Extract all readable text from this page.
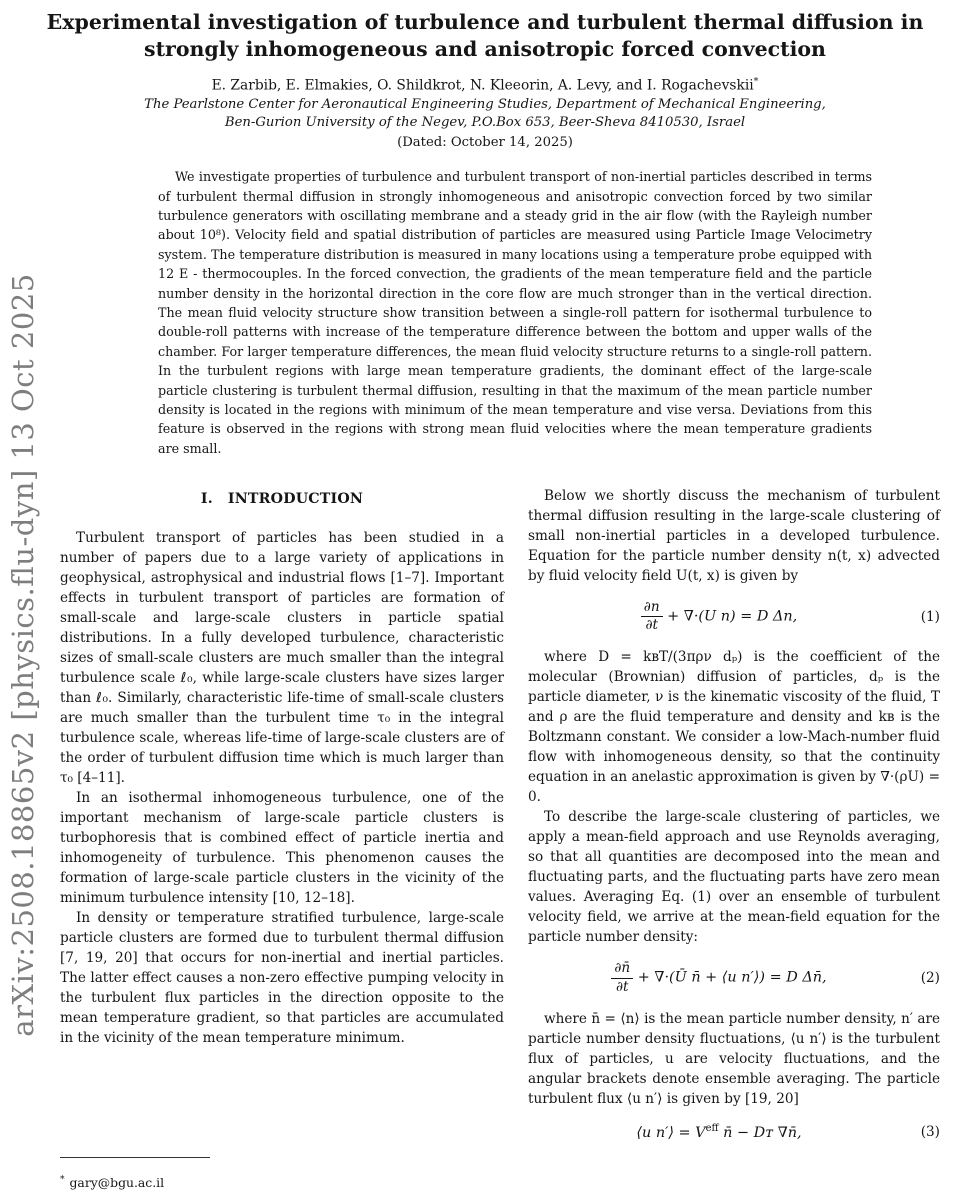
arXiv:2508.18865v2 [physics.flu-dyn] 13 Oct 2025
Experimental investigation of turbulence and turbulent thermal diffusion in strongly inhomogeneous and anisotropic forced convection
E. Zarbib, E. Elmakies, O. Shildkrot, N. Kleeorin, A. Levy, and I. Rogachevskii*
The Pearlstone Center for Aeronautical Engineering Studies, Department of Mechanical Engineering,
Ben-Gurion University of the Negev, P.O.Box 653, Beer-Sheva 8410530, Israel
(Dated: October 14, 2025)
We investigate properties of turbulence and turbulent transport of non-inertial particles described in terms of turbulent thermal diffusion in strongly inhomogeneous and anisotropic convection forced by two similar turbulence generators with oscillating membrane and a steady grid in the air flow (with the Rayleigh number about 10⁸). Velocity field and spatial distribution of particles are measured using Particle Image Velocimetry system. The temperature distribution is measured in many locations using a temperature probe equipped with 12 E - thermocouples. In the forced convection, the gradients of the mean temperature field and the particle number density in the horizontal direction in the core flow are much stronger than in the vertical direction. The mean fluid velocity structure show transition between a single-roll pattern for isothermal turbulence to double-roll patterns with increase of the temperature difference between the bottom and upper walls of the chamber. For larger temperature differences, the mean fluid velocity structure returns to a single-roll pattern. In the turbulent regions with large mean temperature gradients, the dominant effect of the large-scale particle clustering is turbulent thermal diffusion, resulting in that the maximum of the mean particle number density is located in the regions with minimum of the mean temperature and vise versa. Deviations from this feature is observed in the regions with strong mean fluid velocities where the mean temperature gradients are small.
I. INTRODUCTION

Turbulent transport of particles has been studied in a number of papers due to a large variety of applications in geophysical, astrophysical and industrial flows [1–7]. Important effects in turbulent transport of particles are formation of small-scale and large-scale clusters in particle spatial distributions. In a fully developed turbulence, characteristic sizes of small-scale clusters are much smaller than the integral turbulence scale ℓ₀, while large-scale clusters have sizes larger than ℓ₀. Similarly, characteristic life-time of small-scale clusters are much smaller than the turbulent time τ₀ in the integral turbulence scale, whereas life-time of large-scale clusters are of the order of turbulent diffusion time which is much larger than τ₀ [4–11].

In an isothermal inhomogeneous turbulence, one of the important mechanism of large-scale particle clusters is turbophoresis that is combined effect of particle inertia and inhomogeneity of turbulence. This phenomenon causes the formation of large-scale particle clusters in the vicinity of the minimum turbulence intensity [10, 12–18].

In density or temperature stratified turbulence, large-scale particle clusters are formed due to turbulent thermal diffusion [7, 19, 20] that occurs for non-inertial and inertial particles. The latter effect causes a non-zero effective pumping velocity in the turbulent flux particles in the direction opposite to the mean temperature gradient, so that particles are accumulated in the vicinity of the mean temperature minimum.

* gary@bgu.ac.il

Below we shortly discuss the mechanism of turbulent thermal diffusion resulting in the large-scale clustering of small non-inertial particles in a developed turbulence. Equation for the particle number density n(t, x) advected by fluid velocity field U(t, x) is given by

$\frac{\partial n}{\partial t} + \nabla\cdot(U$ n) = D Δn,	(1)

where D = kʙT/(3πρν dₚ) is the coefficient of the molecular (Brownian) diffusion of particles, dₚ is the particle diameter, ν is the kinematic viscosity of the fluid, T and ρ are the fluid temperature and density and kʙ is the Boltzmann constant. We consider a low-Mach-number fluid flow with inhomogeneous density, so that the continuity equation in an anelastic approximation is given by ∇·(ρU) = 0.

To describe the large-scale clustering of particles, we apply a mean-field approach and use Reynolds averaging, so that all quantities are decomposed into the mean and fluctuating parts, and the fluctuating parts have zero mean values. Averaging Eq. (1) over an ensemble of turbulent velocity field, we arrive at the mean-field equation for the particle number density:

$\frac{\partial n̄}{\partial t}$ + ∇·(Ū n̄ + ⟨u n′⟩) = D Δn̄,	(2)

where n̄ = ⟨n⟩ is the mean particle number density, n′ are particle number density fluctuations, ⟨u n′⟩ is the turbulent flux of particles, u are velocity fluctuations, and the angular brackets denote ensemble averaging. The particle turbulent flux ⟨u n′⟩ is given by [19, 20]

⟨u n′⟩ = $V^{eff}$ n̄ − Dᴛ ∇n̄,	(3)
